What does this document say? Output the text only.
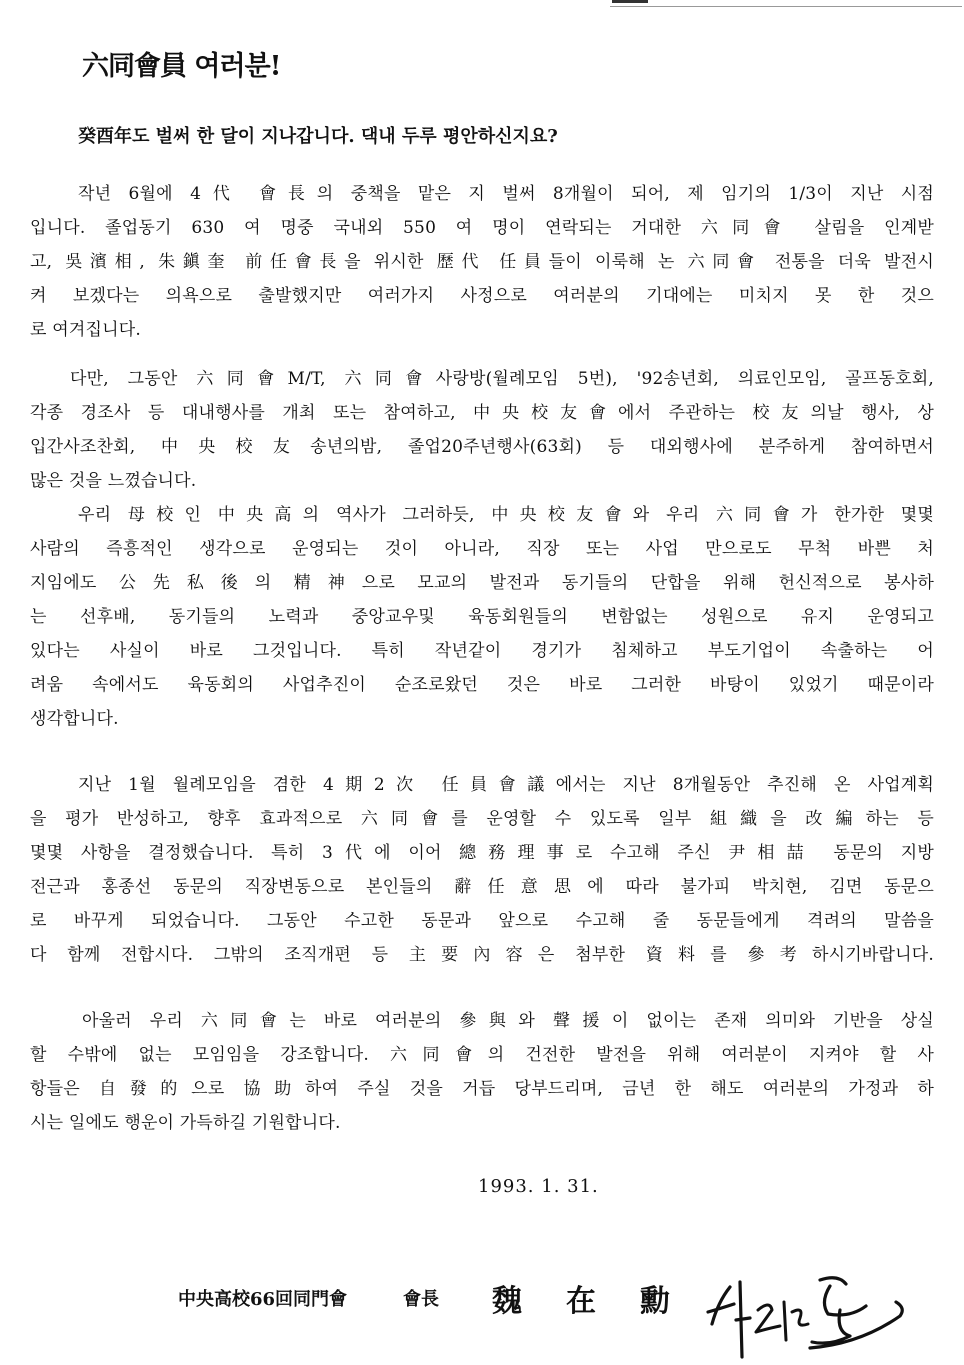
六同會員 여러분!
癸酉年도 벌써 한 달이 지나갑니다. 댁내 두루 평안하신지요?
작년 6월에 4代 會長의 중책을 맡은 지 벌써 8개월이 되어, 제 임기의 1/3이 지난 시점
입니다. 졸업동기 630 여 명중 국내외 550 여 명이 연락되는 거대한 六同會 살림을 인계받
고, 吳濱相, 朱鎭奎 前任會長을 위시한 歷代 任員들이 이룩해 논 六同會 전통을 더욱 발전시
켜 보겠다는 의욕으로 출발했지만 여러가지 사정으로 여러분의 기대에는 미치지 못 한 것으
로 여겨집니다.
다만, 그동안 六同會M/T, 六同會사랑방(월례모임 5번), '92송년회, 의료인모임, 골프동호회,
각종 경조사 등 대내행사를 개최 또는 참여하고, 中央校友會에서 주관하는 校友의날 행사, 상
입간사조찬회, 中央校友송년의밤, 졸업20주년행사(63회) 등 대외행사에 분주하게 참여하면서
많은 것을 느꼈습니다.
우리 母校인 中央高의 역사가 그러하듯, 中央校友會와 우리 六同會가 한가한 몇몇
사람의 즉흥적인 생각으로 운영되는 것이 아니라, 직장 또는 사업 만으로도 무척 바쁜 처
지임에도 公先私後의 精神으로 모교의 발전과 동기들의 단합을 위해 헌신적으로 봉사하
는 선후배, 동기들의 노력과 중앙교우및 육동회원들의 변함없는 성원으로 유지 운영되고
있다는 사실이 바로 그것입니다. 특히 작년같이 경기가 침체하고 부도기업이 속출하는 어
려움 속에서도 육동회의 사업추진이 순조로왔던 것은 바로 그러한 바탕이 있었기 때문이라
생각합니다.
지난 1월 월례모임을 겸한 4期2次 任員會議에서는 지난 8개월동안 추진해 온 사업계획
을 평가 반성하고, 향후 효과적으로 六同會를 운영할 수 있도록 일부 組織을 改編하는 등
몇몇 사항을 결정했습니다. 특히 3代에 이어 總務理事로 수고해 주신 尹相喆 동문의 지방
전근과 홍종선 동문의 직장변동으로 본인들의 辭任意思에 따라 불가피 박치현, 김면 동문으
로 바꾸게 되었습니다. 그동안 수고한 동문과 앞으로 수고해 줄 동문들에게 격려의 말씀을
다 함께 전합시다. 그밖의 조직개편 등 主要內容은 첨부한 資料를 參考하시기바랍니다.
아울러 우리 六同會는 바로 여러분의 參與와 聲援이 없이는 존재 의미와 기반을 상실
할 수밖에 없는 모임임을 강조합니다. 六同會의 건전한 발전을 위해 여러분이 지켜야 할 사
항들은 自發的으로 協助하여 주실 것을 거듭 당부드리며, 금년 한 해도 여러분의 가정과 하
시는 일에도 행운이 가득하길 기원합니다.
1993. 1. 31.
中央高校66回同門會	會長 魏在勳
